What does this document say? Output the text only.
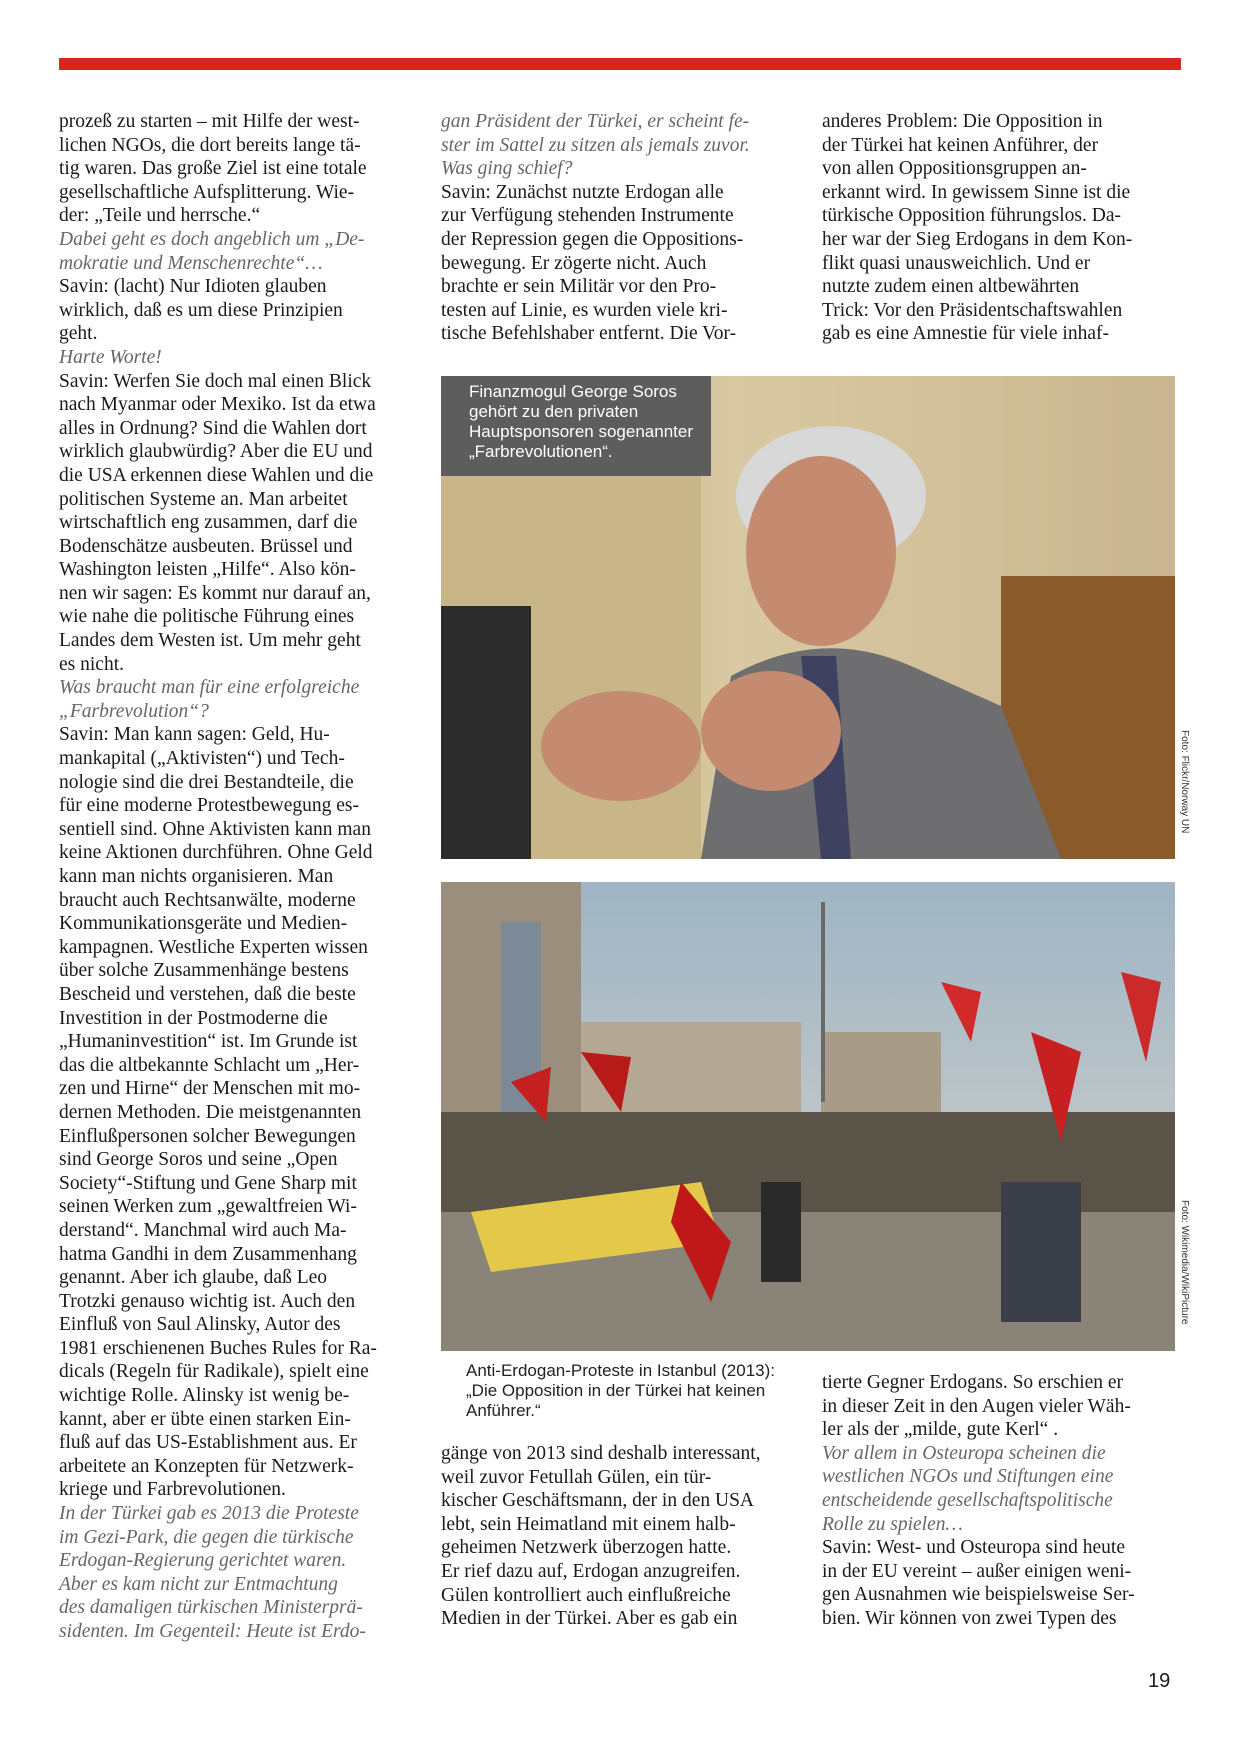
prozeß zu starten – mit Hilfe der west-

lichen NGOs, die dort bereits lange tä-

tig waren. Das große Ziel ist eine totale

gesellschaftliche Aufsplitterung. Wie-

der: „Teile und herrsche.“

Dabei geht es doch angeblich um „De-

mokratie und Menschenrechte“…

Savin: (lacht) Nur Idioten glauben

wirklich, daß es um diese Prinzipien

geht.

Harte Worte!

Savin: Werfen Sie doch mal einen Blick

nach Myanmar oder Mexiko. Ist da etwa

alles in Ordnung? Sind die Wahlen dort

wirklich glaubwürdig? Aber die EU und

die USA erkennen diese Wahlen und die

politischen Systeme an. Man arbeitet

wirtschaftlich eng zusammen, darf die

Bodenschätze ausbeuten. Brüssel und

Washington leisten „Hilfe“. Also kön-

nen wir sagen: Es kommt nur darauf an,

wie nahe die politische Führung eines

Landes dem Westen ist. Um mehr geht

es nicht.

Was braucht man für eine erfolgreiche

„Farbrevolution“?

Savin: Man kann sagen: Geld, Hu-

mankapital („Aktivisten“) und Tech-

nologie sind die drei Bestandteile, die

für eine moderne Protestbewegung es-

sentiell sind. Ohne Aktivisten kann man

keine Aktionen durchführen. Ohne Geld

kann man nichts organisieren. Man

braucht auch Rechtsanwälte, moderne

Kommunikationsgeräte und Medien-

kampagnen. Westliche Experten wissen

über solche Zusammenhänge bestens

Bescheid und verstehen, daß die beste

Investition in der Postmoderne die

„Humaninvestition“ ist. Im Grunde ist

das die altbekannte Schlacht um „Her-

zen und Hirne“ der Menschen mit mo-

dernen Methoden. Die meistgenannten

Einflußpersonen solcher Bewegungen

sind George Soros und seine „Open

Society“-Stiftung und Gene Sharp mit

seinen Werken zum „gewaltfreien Wi-

derstand“. Manchmal wird auch Ma-

hatma Gandhi in dem Zusammenhang

genannt. Aber ich glaube, daß Leo

Trotzki genauso wichtig ist. Auch den

Einfluß von Saul Alinsky, Autor des

1981 erschienenen Buches Rules for Ra-

dicals (Regeln für Radikale), spielt eine

wichtige Rolle. Alinsky ist wenig be-

kannt, aber er übte einen starken Ein-

fluß auf das US-Establishment aus. Er

arbeitete an Konzepten für Netzwerk-

kriege und Farbrevolutionen.

In der Türkei gab es 2013 die Proteste

im Gezi-Park, die gegen die türkische

Erdogan-Regierung gerichtet waren.

Aber es kam nicht zur Entmachtung

des damaligen türkischen Ministerprä-

sidenten. Im Gegenteil: Heute ist Erdo-

gan Präsident der Türkei, er scheint fe-

ster im Sattel zu sitzen als jemals zuvor.

Was ging schief?

Savin: Zunächst nutzte Erdogan alle

zur Verfügung stehenden Instrumente

der Repression gegen die Oppositions-

bewegung. Er zögerte nicht. Auch

brachte er sein Militär vor den Pro-

testen auf Linie, es wurden viele kri-

tische Befehlshaber entfernt. Die Vor-

anderes Problem: Die Opposition in

der Türkei hat keinen Anführer, der

von allen Oppositionsgruppen an-

erkannt wird. In gewissem Sinne ist die

türkische Opposition führungslos. Da-

her war der Sieg Erdogans in dem Kon-

flikt quasi unausweichlich. Und er

nutzte zudem einen altbewährten

Trick: Vor den Präsidentschaftswahlen

gab es eine Amnestie für viele inhaf-

Finanzmogul George Soros gehört zu den privaten Hauptsponsoren sogenannter „Farbrevolutionen“.
Foto: Flickr/Norway UN
Foto: Wikimedia/WikiPicture
Anti-Erdogan-Proteste in Istanbul (2013): „Die Opposition in der Türkei hat keinen Anführer.“

gänge von 2013 sind deshalb interessant,

weil zuvor Fetullah Gülen, ein tür-

kischer Geschäftsmann, der in den USA

lebt, sein Heimatland mit einem halb-

geheimen Netzwerk überzogen hatte.

Er rief dazu auf, Erdogan anzugreifen.

Gülen kontrolliert auch einflußreiche

Medien in der Türkei. Aber es gab ein

tierte Gegner Erdogans. So erschien er

in dieser Zeit in den Augen vieler Wäh-

ler als der „milde, gute Kerl“ .

Vor allem in Osteuropa scheinen die

westlichen NGOs und Stiftungen eine

entscheidende gesellschaftspolitische

Rolle zu spielen…

Savin: West- und Osteuropa sind heute

in der EU vereint – außer einigen weni-

gen Ausnahmen wie beispielsweise Ser-

bien. Wir können von zwei Typen des

19
